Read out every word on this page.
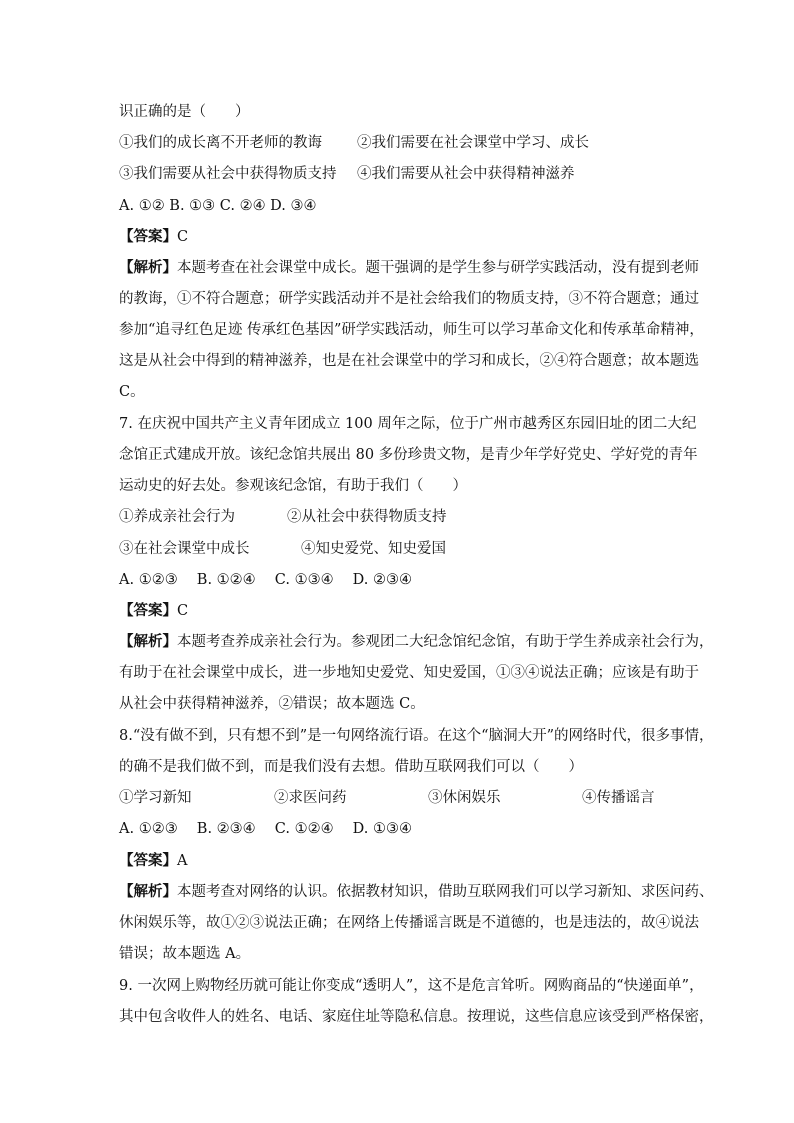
识正确的是（　　）
①我们的成长离不开老师的教诲 ②我们需要在社会课堂中学习、成长
③我们需要从社会中获得物质支持 ④我们需要从社会中获得精神滋养
A. ①② B. ①③ C. ②④ D. ③④
【答案】C
【解析】本题考查在社会课堂中成长。题干强调的是学生参与研学实践活动，没有提到老师
的教诲，①不符合题意；研学实践活动并不是社会给我们的物质支持，③不符合题意；通过
参加“追寻红色足迹 传承红色基因”研学实践活动，师生可以学习革命文化和传承革命精神，
这是从社会中得到的精神滋养，也是在社会课堂中的学习和成长，②④符合题意；故本题选
C。
7. 在庆祝中国共产主义青年团成立 100 周年之际，位于广州市越秀区东园旧址的团二大纪
念馆正式建成开放。该纪念馆共展出 80 多份珍贵文物，是青少年学好党史、学好党的青年
运动史的好去处。参观该纪念馆，有助于我们（　　）
①养成亲社会行为	②从社会中获得物质支持
③在社会课堂中成长	④知史爱党、知史爱国
A. ①②③　 B. ①②④　 C. ①③④　 D. ②③④
【答案】C
【解析】本题考查养成亲社会行为。参观团二大纪念馆纪念馆，有助于学生养成亲社会行为，
有助于在社会课堂中成长，进一步地知史爱党、知史爱国，①③④说法正确；应该是有助于
从社会中获得精神滋养，②错误；故本题选 C。
8.“没有做不到，只有想不到”是一句网络流行语。在这个“脑洞大开”的网络时代，很多事情，
的确不是我们做不到，而是我们没有去想。借助互联网我们可以（　　）
①学习新知	②求医问药	③休闲娱乐	④传播谣言
A. ①②③　 B. ②③④　 C. ①②④　 D. ①③④
【答案】A
【解析】本题考查对网络的认识。依据教材知识，借助互联网我们可以学习新知、求医问药、
休闲娱乐等，故①②③说法正确；在网络上传播谣言既是不道德的，也是违法的，故④说法
错误；故本题选 A。
9. 一次网上购物经历就可能让你变成“透明人”，这不是危言耸听。网购商品的“快递面单”，
其中包含收件人的姓名、电话、家庭住址等隐私信息。按理说，这些信息应该受到严格保密，
